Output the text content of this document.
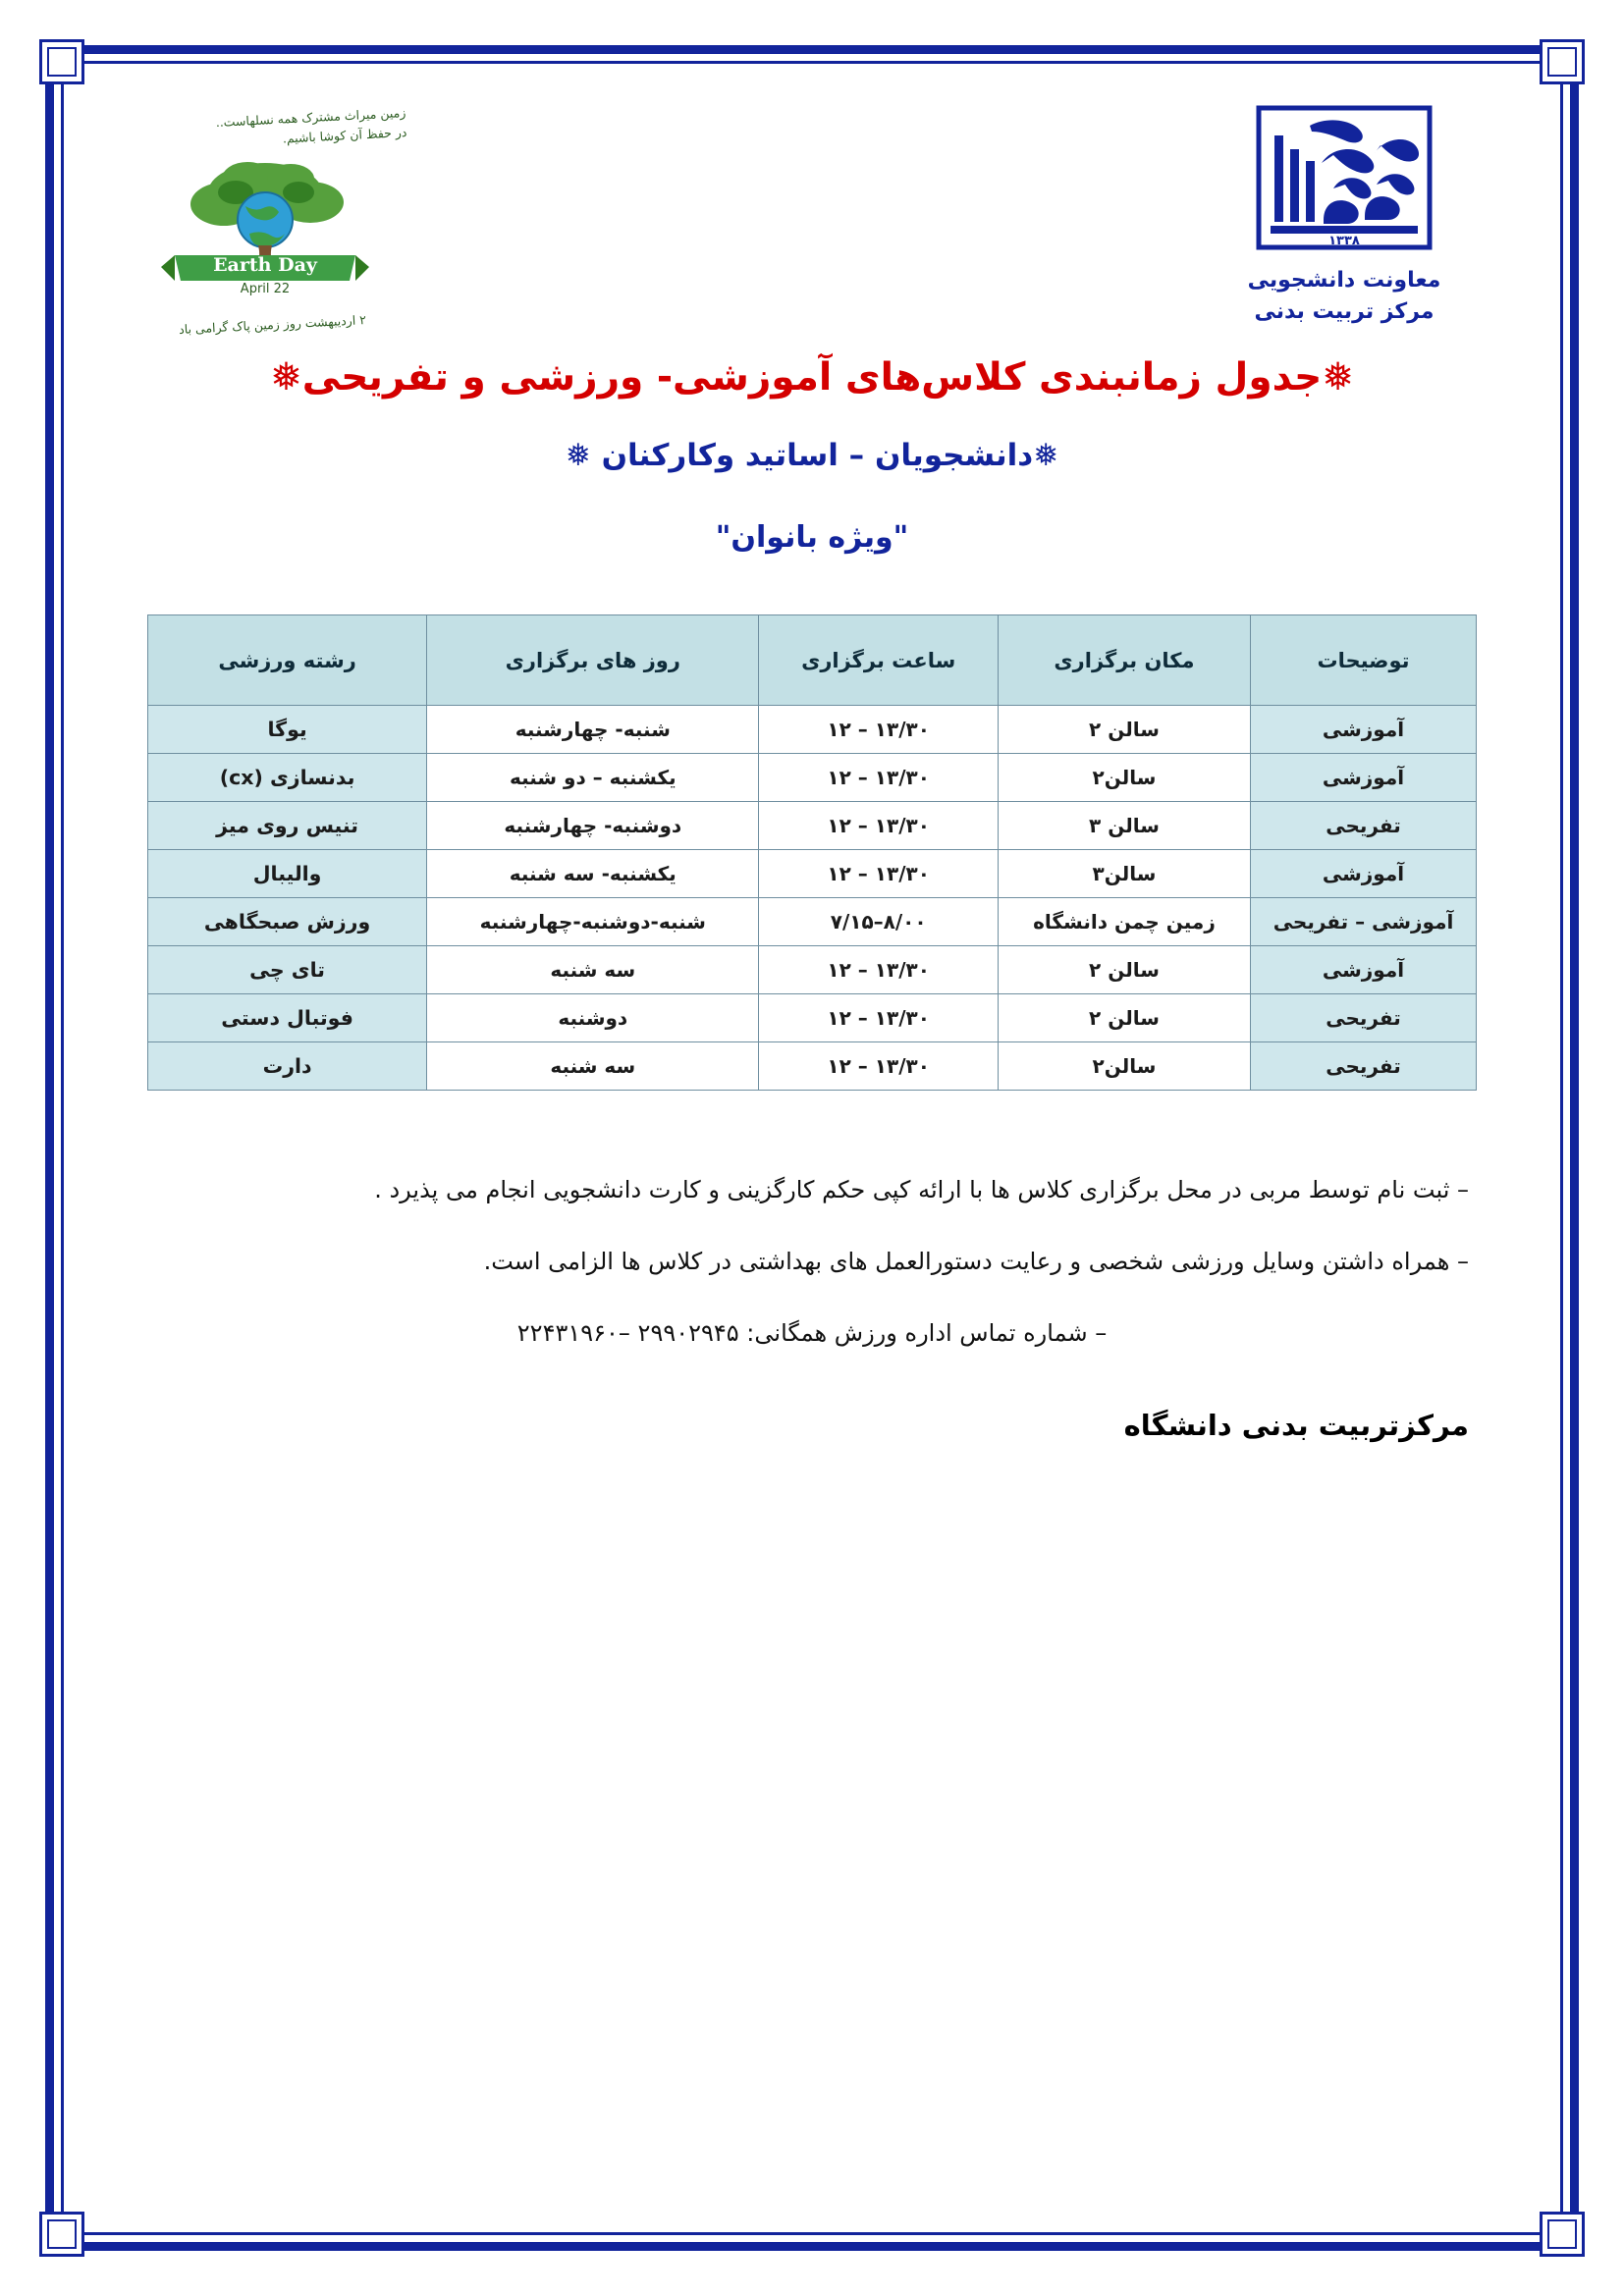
۱۳۳۸
معاونت دانشجویی
مرکز تربیت بدنی
زمین میراث مشترک همه نسلهاست..
در حفظ آن کوشا باشیم.
Earth Day
April 22
۲ اردیبهشت روز زمین پاک گرامی باد
❅جدول زمانبندی کلاس‌های آموزشی- ورزشی و تفریحی❅
❅دانشجویان – اساتید وکارکنان ❅
"ویژه بانوان"
توضیحات	مکان برگزاری	ساعت برگزاری	روز های برگزاری	رشته ورزشی
آموزشی	سالن ۲	۱۳/۳۰ – ۱۲	شنبه- چهارشنبه	یوگا
آموزشی	سالن۲	۱۳/۳۰ – ۱۲	یکشنبه – دو شنبه	بدنسازی (cx)
تفریحی	سالن ۳	۱۳/۳۰ – ۱۲	دوشنبه- چهارشنبه	تنیس روی میز
آموزشی	سالن۳	۱۳/۳۰ – ۱۲	یکشنبه- سه شنبه	والیبال
آموزشی – تفریحی	زمین چمن دانشگاه	۸/۰۰–۷/۱۵	شنبه-دوشنبه-چهارشنبه	ورزش صبحگاهی
آموزشی	سالن ۲	۱۳/۳۰ – ۱۲	سه شنبه	تای چی
تفریحی	سالن ۲	۱۳/۳۰ – ۱۲	دوشنبه	فوتبال دستی
تفریحی	سالن۲	۱۳/۳۰ – ۱۲	سه شنبه	دارت
– ثبت نام توسط مربی در محل برگزاری کلاس ها با ارائه کپی حکم کارگزینی و کارت دانشجویی انجام می پذیرد .
– همراه داشتن وسایل ورزشی شخصی و رعایت دستورالعمل های بهداشتی در کلاس ها الزامی است.
– شماره تماس اداره ورزش همگانی: ۲۹۹۰۲۹۴۵ –۲۲۴۳۱۹۶۰
مرکزتربیت بدنی دانشگاه
